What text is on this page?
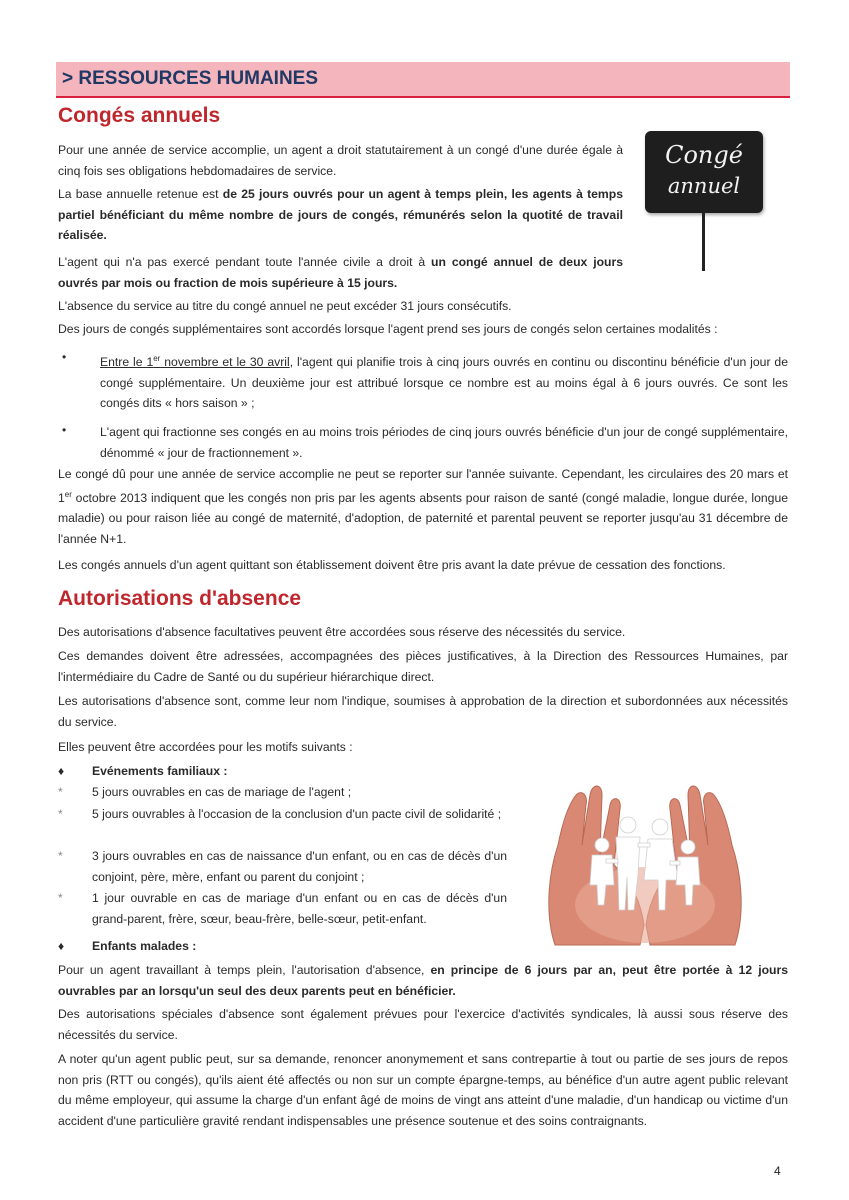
> RESSOURCES HUMAINES
Congés annuels

Pour une année de service accomplie, un agent a droit statutairement à un congé d'une durée égale à cinq fois ses obligations hebdomadaires de service.

La base annuelle retenue est de 25 jours ouvrés pour un agent à temps plein, les agents à temps partiel bénéficiant du même nombre de jours de congés, rémunérés selon la quotité de travail réalisée.

L'agent qui n'a pas exercé pendant toute l'année civile a droit à un congé annuel de deux jours ouvrés par mois ou fraction de mois supérieure à 15 jours.

L'absence du service au titre du congé annuel ne peut excéder 31 jours consécutifs.

Des jours de congés supplémentaires sont accordés lorsque l'agent prend ses jours de congés selon certaines modalités :

•	Entre le 1er novembre et le 30 avril, l'agent qui planifie trois à cinq jours ouvrés en continu ou discontinu bénéficie d'un jour de congé supplémentaire. Un deuxième jour est attribué lorsque ce nombre est au moins égal à 6 jours ouvrés. Ce sont les congés dits « hors saison » ;

•	L'agent qui fractionne ses congés en au moins trois périodes de cinq jours ouvrés bénéficie d'un jour de congé supplémentaire, dénommé « jour de fractionnement ».

Le congé dû pour une année de service accomplie ne peut se reporter sur l'année suivante. Cependant, les circulaires des 20 mars et 1er octobre 2013 indiquent que les congés non pris par les agents absents pour raison de santé (congé maladie, longue durée, longue maladie) ou pour raison liée au congé de maternité, d'adoption, de paternité et parental peuvent se reporter jusqu'au 31 décembre de l'année N+1.

Les congés annuels d'un agent quittant son établissement doivent être pris avant la date prévue de cessation des fonctions.

Congé
annuel
Autorisations d'absence

Des autorisations d'absence facultatives peuvent être accordées sous réserve des nécessités du service.

Ces demandes doivent être adressées, accompagnées des pièces justificatives, à la Direction des Ressources Humaines, par l'intermédiaire du Cadre de Santé ou du supérieur hiérarchique direct.

Les autorisations d'absence sont, comme leur nom l'indique, soumises à approbation de la direction et subordonnées aux nécessités du service.

Elles peuvent être accordées pour les motifs suivants :

♦ Evénements familiaux :

* 5 jours ouvrables en cas de mariage de l'agent ;

* 5 jours ouvrables à l'occasion de la conclusion d'un pacte civil de solidarité ;

* 3 jours ouvrables en cas de naissance d'un enfant, ou en cas de décès d'un conjoint, père, mère, enfant ou parent du conjoint ;

* 1 jour ouvrable en cas de mariage d'un enfant ou en cas de décès d'un grand-parent, frère, sœur, beau-frère, belle-sœur, petit-enfant.

♦ Enfants malades :

Pour un agent travaillant à temps plein, l'autorisation d'absence, en principe de 6 jours par an, peut être portée à 12 jours ouvrables par an lorsqu'un seul des deux parents peut en bénéficier.

Des autorisations spéciales d'absence sont également prévues pour l'exercice d'activités syndicales, là aussi sous réserve des nécessités du service.

A noter qu'un agent public peut, sur sa demande, renoncer anonymement et sans contrepartie à tout ou partie de ses jours de repos non pris (RTT ou congés), qu'ils aient été affectés ou non sur un compte épargne-temps, au bénéfice d'un autre agent public relevant du même employeur, qui assume la charge d'un enfant âgé de moins de vingt ans atteint d'une maladie, d'un handicap ou victime d'un accident d'une particulière gravité rendant indispensables une présence soutenue et des soins contraignants.

4
